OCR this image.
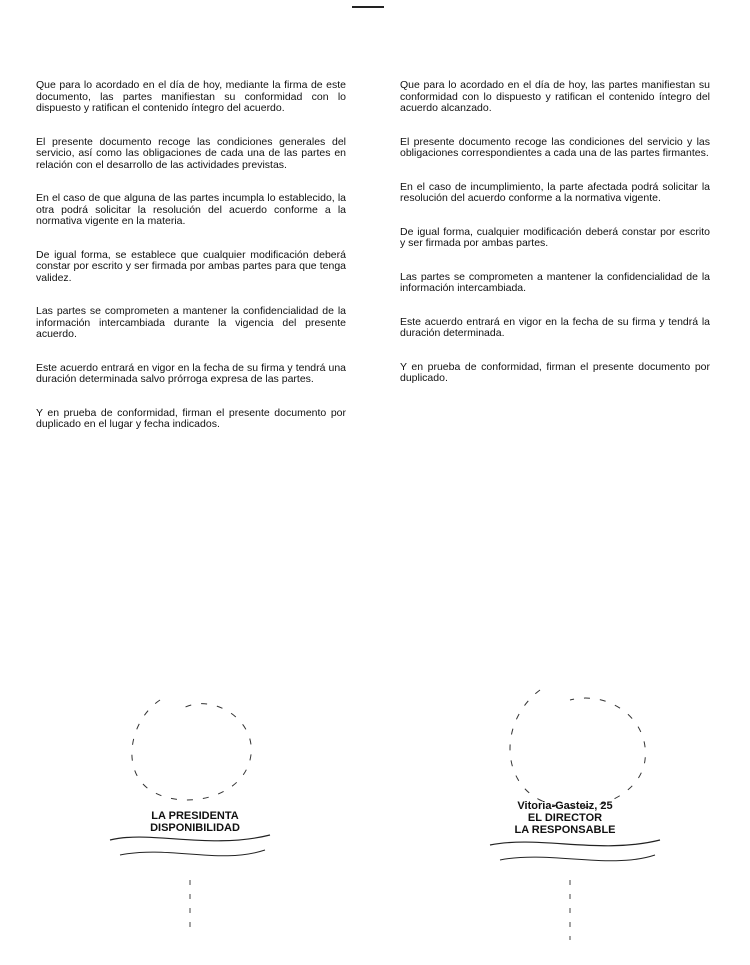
Que para lo acordado en el día de hoy, mediante la firma de este documento, las partes manifiestan su conformidad con lo dispuesto y ratifican el contenido íntegro del acuerdo.

El presente documento recoge las condiciones generales del servicio, así como las obligaciones de cada una de las partes en relación con el desarrollo de las actividades previstas.

En el caso de que alguna de las partes incumpla lo establecido, la otra podrá solicitar la resolución del acuerdo conforme a la normativa vigente en la materia.

De igual forma, se establece que cualquier modificación deberá constar por escrito y ser firmada por ambas partes para que tenga validez.

Las partes se comprometen a mantener la confidencialidad de la información intercambiada durante la vigencia del presente acuerdo.

Este acuerdo entrará en vigor en la fecha de su firma y tendrá una duración determinada salvo prórroga expresa de las partes.

Y en prueba de conformidad, firman el presente documento por duplicado en el lugar y fecha indicados.

Que para lo acordado en el día de hoy, las partes manifiestan su conformidad con lo dispuesto y ratifican el contenido íntegro del acuerdo alcanzado.

El presente documento recoge las condiciones del servicio y las obligaciones correspondientes a cada una de las partes firmantes.

En el caso de incumplimiento, la parte afectada podrá solicitar la resolución del acuerdo conforme a la normativa vigente.

De igual forma, cualquier modificación deberá constar por escrito y ser firmada por ambas partes.

Las partes se comprometen a mantener la confidencialidad de la información intercambiada.

Este acuerdo entrará en vigor en la fecha de su firma y tendrá la duración determinada.

Y en prueba de conformidad, firman el presente documento por duplicado.

LA PRESIDENTA
DISPONIBILIDAD
Vitoria-Gasteiz, 25
EL DIRECTOR
LA RESPONSABLE
